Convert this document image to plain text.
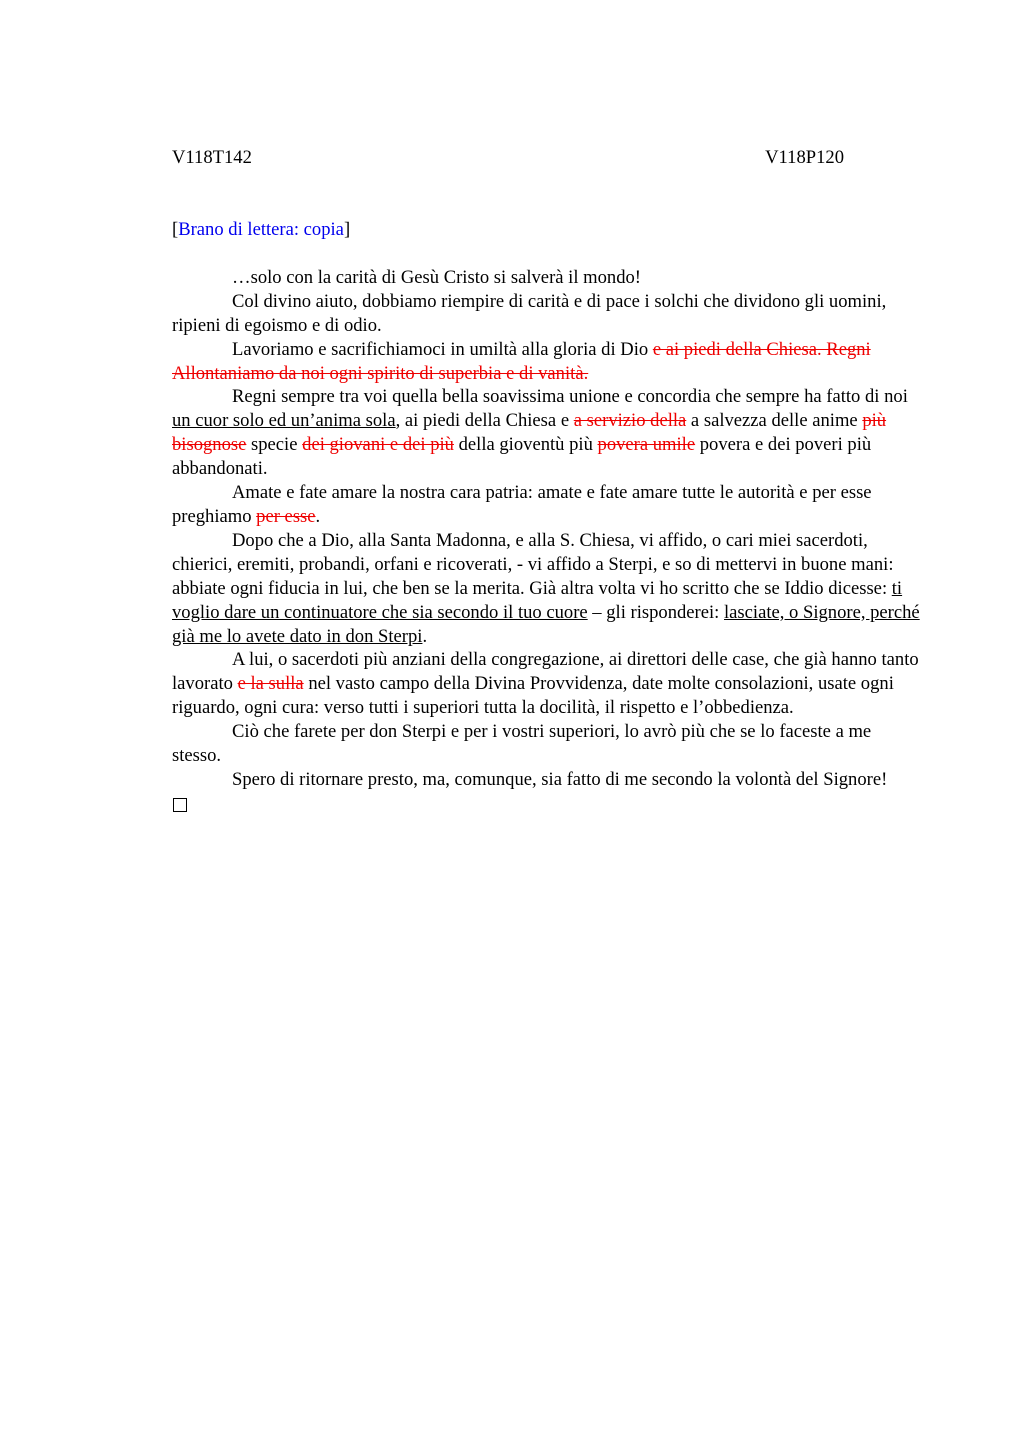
V118T142	V118P120
[Brano di lettera: copia]

…solo con la carità di Gesù Cristo si salverà il mondo!

Col divino aiuto, dobbiamo riempire di carità e di pace i solchi che dividono gli uomini, ripieni di egoismo e di odio.

Lavoriamo e sacrifichiamoci in umiltà alla gloria di Dio e ai piedi della Chiesa. Regni Allontaniamo da noi ogni spirito di superbia e di vanità.

Regni sempre tra voi quella bella soavissima unione e concordia che sempre ha fatto di noi un cuor solo ed un’anima sola, ai piedi della Chiesa e a servizio della a salvezza delle anime più bisognose specie dei giovani e dei più della gioventù più povera umile povera e dei poveri più abbandonati.

Amate e fate amare la nostra cara patria: amate e fate amare tutte le autorità e per esse preghiamo per esse.

Dopo che a Dio, alla Santa Madonna, e alla S. Chiesa, vi affido, o cari miei sacerdoti, chierici, eremiti, probandi, orfani e ricoverati, - vi affido a Sterpi, e so di mettervi in buone mani: abbiate ogni fiducia in lui, che ben se la merita. Già altra volta vi ho scritto che se Iddio dicesse: ti voglio dare un continuatore che sia secondo il tuo cuore – gli risponderei: lasciate, o Signore, perché già me lo avete dato in don Sterpi.

A lui, o sacerdoti più anziani della congregazione, ai direttori delle case, che già hanno tanto lavorato e la sulla nel vasto campo della Divina Provvidenza, date molte consolazioni, usate ogni riguardo, ogni cura: verso tutti i superiori tutta la docilità, il rispetto e l’obbedienza.

Ciò che farete per don Sterpi e per i vostri superiori, lo avrò più che se lo faceste a me stesso.

Spero di ritornare presto, ma, comunque, sia fatto di me secondo la volontà del Signore!
